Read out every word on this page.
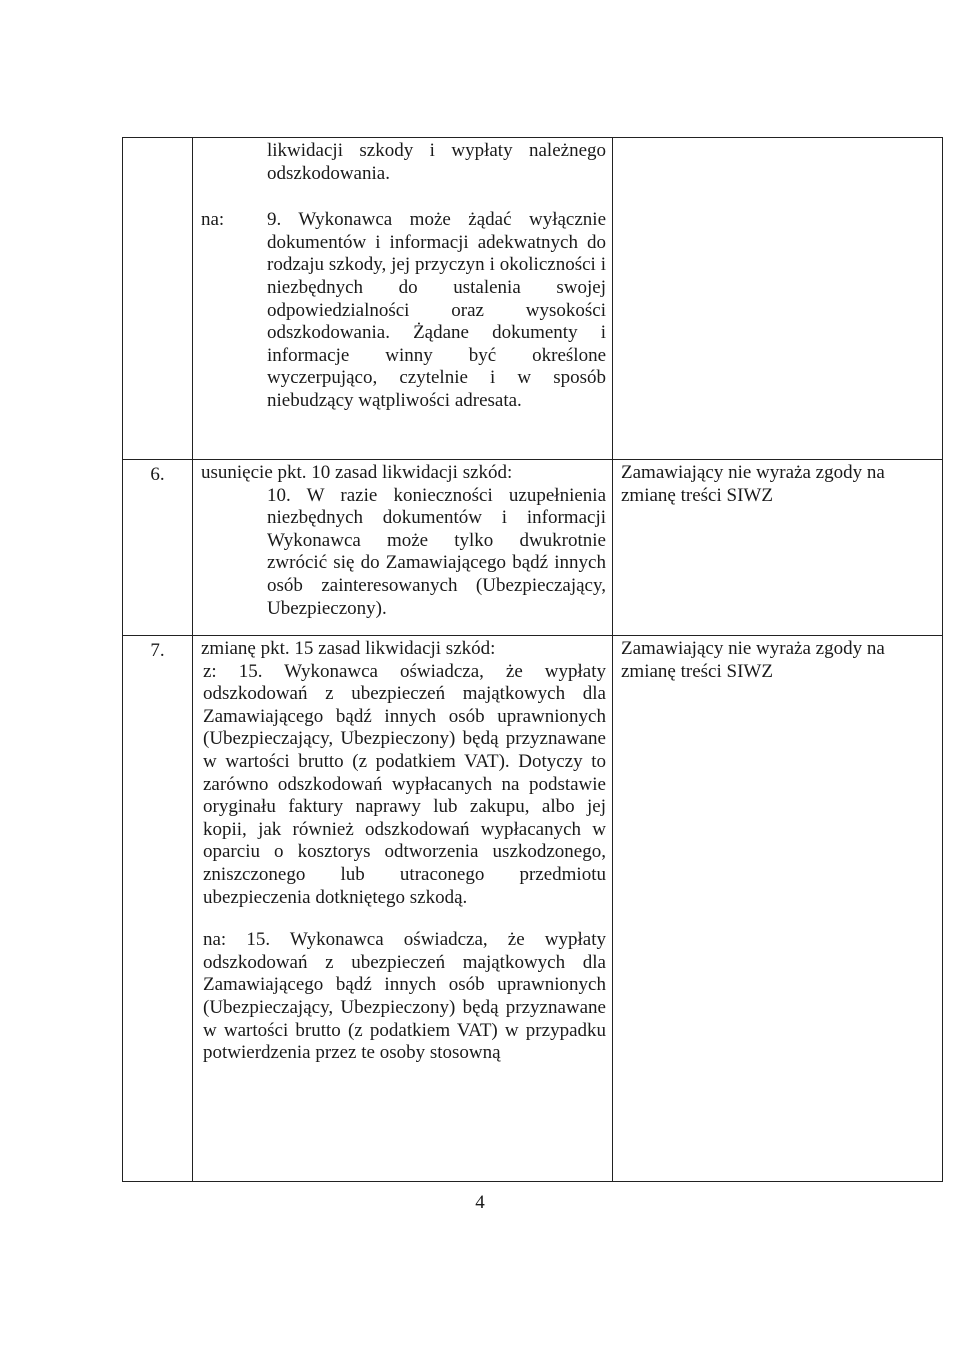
	likwidacji szkody i wypłaty należnego
odszkodowania.
na: 9. Wykonawca może żądać wyłącznie dokumentów i informacji adekwatnych do rodzaju szkody, jej przyczyn i okoliczności i niezbędnych do ustalenia swojej odpowiedzialności oraz wysokości odszkodowania. Żądane dokumenty i informacje winny być określone wyczerpująco, czytelnie i w sposób niebudzący wątpliwości adresata.	

6.	usunięcie pkt. 10 zasad likwidacji szkód:
10. W razie konieczności uzupełnienia niezbędnych dokumentów i informacji Wykonawca może tylko dwukrotnie zwrócić się do Zamawiającego bądź innych osób zainteresowanych (Ubezpieczający, Ubezpieczony).	Zamawiający nie wyraża zgody na zmianę treści SIWZ
7.	zmianę pkt. 15 zasad likwidacji szkód:
z: 15. Wykonawca oświadcza, że wypłaty odszkodowań z ubezpieczeń majątkowych dla Zamawiającego bądź innych osób uprawnionych (Ubezpieczający, Ubezpieczony) będą przyznawane w wartości brutto (z podatkiem VAT). Dotyczy to zarówno odszkodowań wypłacanych na podstawie oryginału faktury naprawy lub zakupu, albo jej kopii, jak również odszkodowań wypłacanych w oparciu o kosztorys odtworzenia uszkodzonego, zniszczonego lub utraconego przedmiotu ubezpieczenia dotkniętego szkodą.
na: 15. Wykonawca oświadcza, że wypłaty odszkodowań z ubezpieczeń majątkowych dla Zamawiającego bądź innych osób uprawnionych (Ubezpieczający, Ubezpieczony) będą przyznawane w wartości brutto (z podatkiem VAT) w przypadku potwierdzenia przez te osoby stosowną	Zamawiający nie wyraża zgody na zmianę treści SIWZ
4
